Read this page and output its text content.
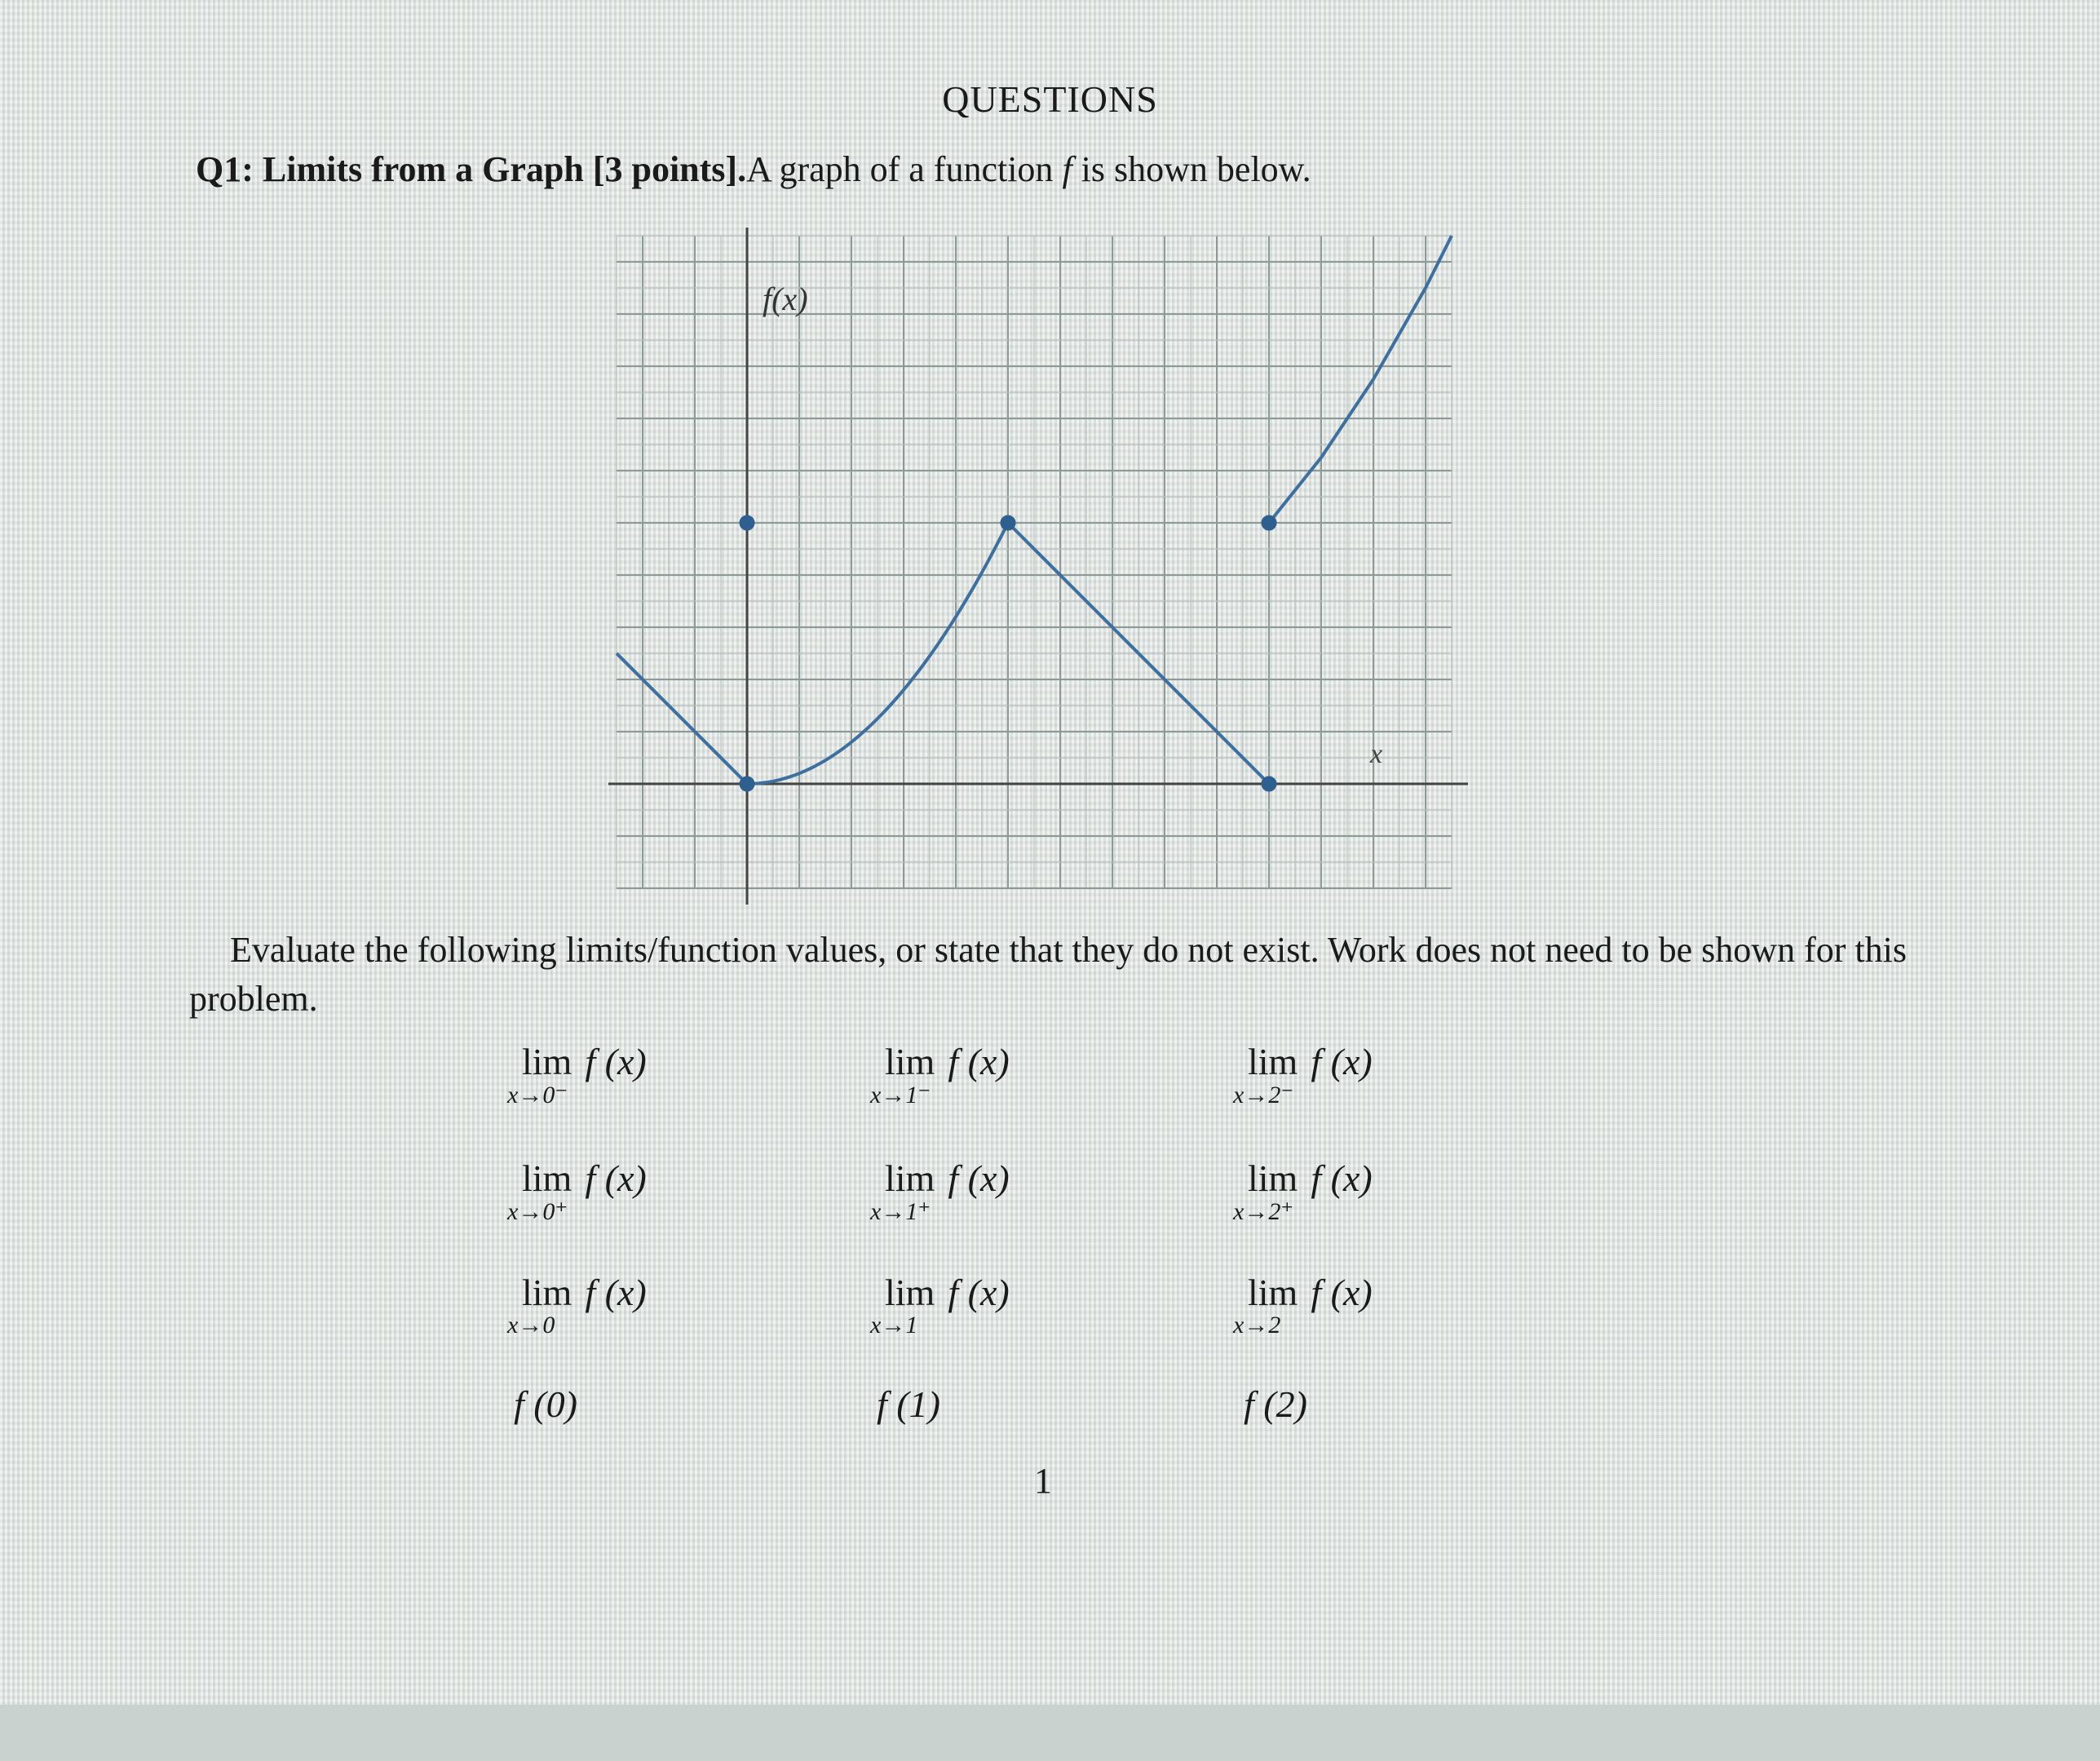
QUESTIONS
Q1: Limits from a Graph [3 points].A graph of a function f is shown below.
f(x)
x
Evaluate the following limits/function values, or state that they do not exist. Work does not need to be shown for this problem.
lim
x→0⁻
f (x)	lim
x→1⁻
f (x)	lim
x→2⁻
f (x)
lim
x→0⁺
f (x)	lim
x→1⁺
f (x)	lim
x→2⁺
f (x)
lim
x→0
f (x)	lim
x→1
f (x)	lim
x→2
f (x)
f (0)	f (1)	f (2)
1
